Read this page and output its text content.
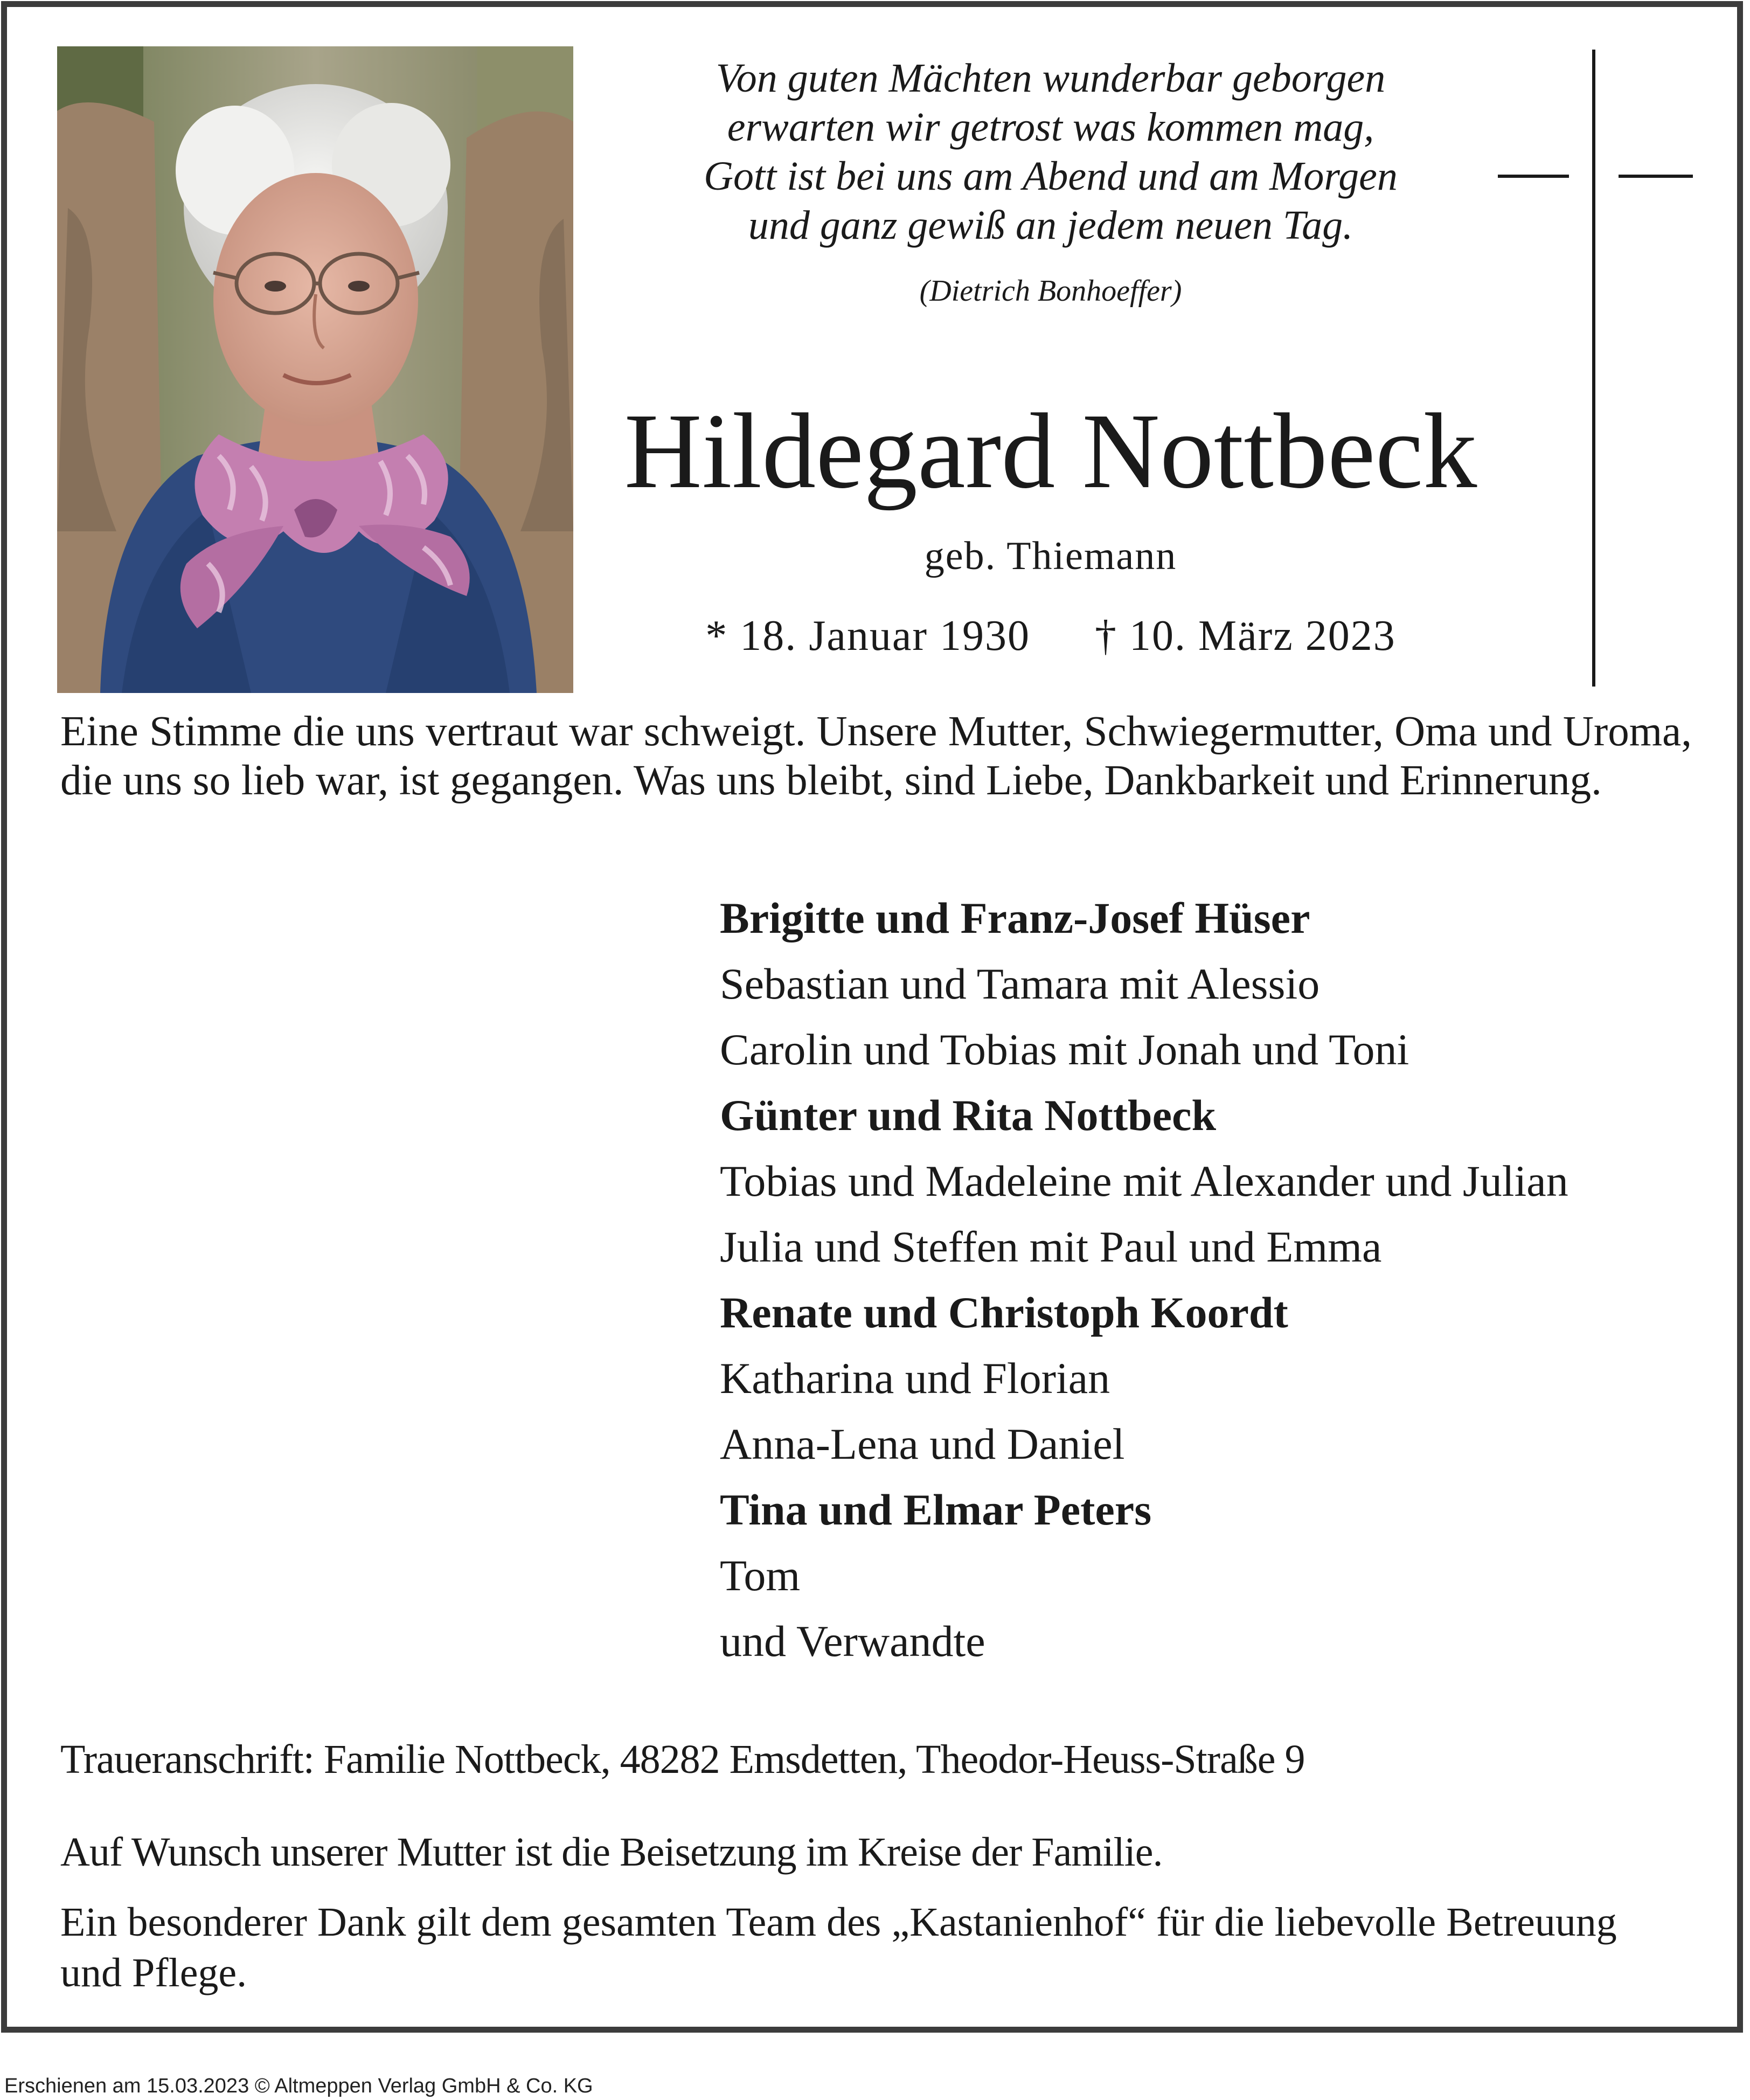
Von guten Mächten wunderbar geborgen
erwarten wir getrost was kommen mag,
Gott ist bei uns am Abend und am Morgen
und ganz gewiß an jedem neuen Tag.
(Dietrich Bonhoeffer)
Hildegard Nottbeck
geb. Thiemann
* 18. Januar 1930 † 10. März 2023
Eine Stimme die uns vertraut war schweigt. Unsere Mutter, Schwiegermutter, Oma und Uroma, die uns so lieb war, ist gegangen. Was uns bleibt, sind Liebe, Dankbarkeit und Erinnerung.
Brigitte und Franz-Josef Hüser
Sebastian und Tamara mit Alessio
Carolin und Tobias mit Jonah und Toni
Günter und Rita Nottbeck
Tobias und Madeleine mit Alexander und Julian
Julia und Steffen mit Paul und Emma
Renate und Christoph Koordt
Katharina und Florian
Anna-Lena und Daniel
Tina und Elmar Peters
Tom
und Verwandte
Traueranschrift: Familie Nottbeck, 48282 Emsdetten, Theodor-Heuss-Straße 9
Auf Wunsch unserer Mutter ist die Beisetzung im Kreise der Familie.
Ein besonderer Dank gilt dem gesamten Team des „Kastanienhof“ für die liebevolle Betreuung und Pflege.
Erschienen am 15.03.2023 © Altmeppen Verlag GmbH & Co. KG
